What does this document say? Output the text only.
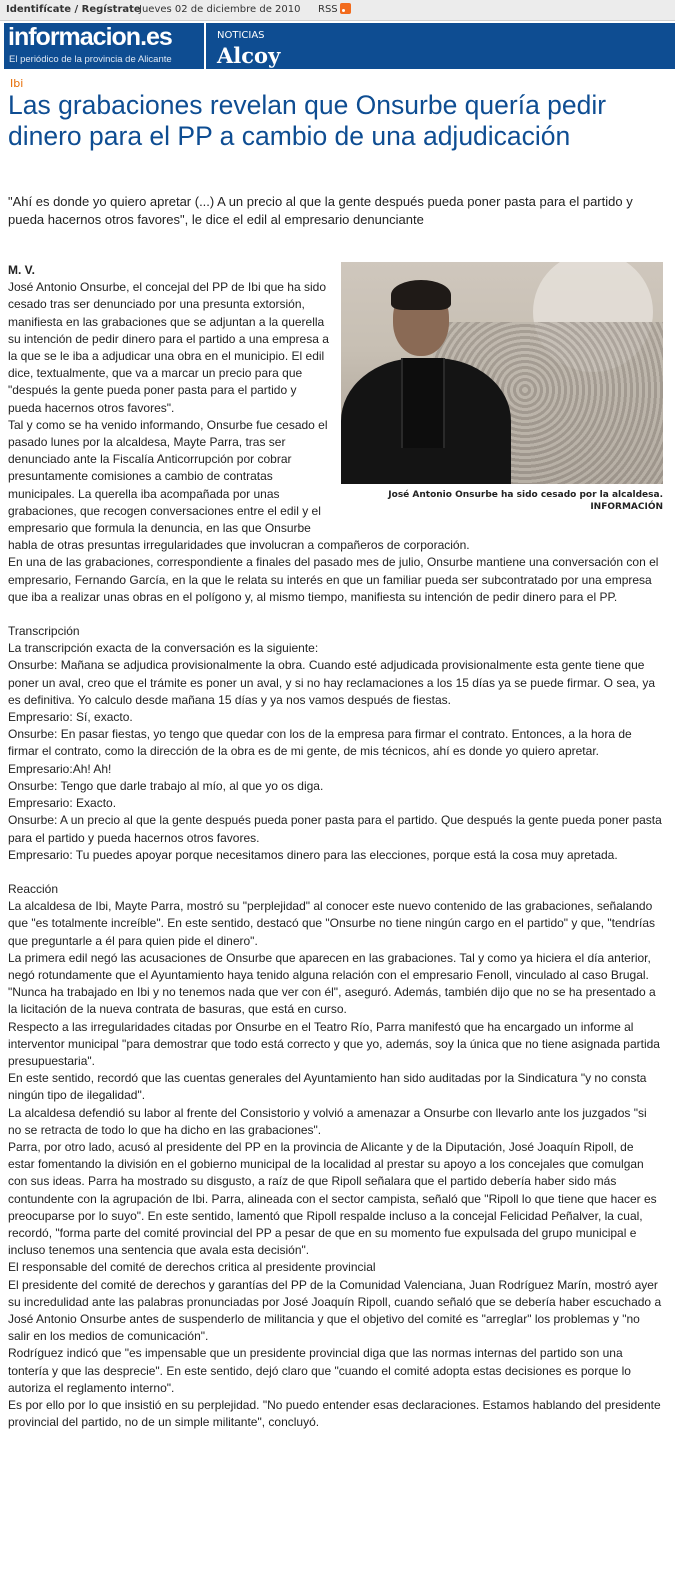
Identifícate / Regístrate
Jueves 02 de diciembre de 2010 RSS
informacion.es
El periódico de la provincia de Alicante
NOTICIAS
Alcoy
Ibi
Las grabaciones revelan que Onsurbe quería pedir dinero para el PP a cambio de una adjudicación
"Ahí es donde yo quiero apretar (...) A un precio al que la gente después pueda poner pasta para el partido y pueda hacernos otros favores", le dice el edil al empresario denunciante
José Antonio Onsurbe ha sido cesado por la alcaldesa.
INFORMACIÓN

M. V.

José Antonio Onsurbe, el concejal del PP de Ibi que ha sido cesado tras ser denunciado por una presunta extorsión, manifiesta en las grabaciones que se adjuntan a la querella su intención de pedir dinero para el partido a una empresa a la que se le iba a adjudicar una obra en el municipio. El edil dice, textualmente, que va a marcar un precio para que "después la gente pueda poner pasta para el partido y pueda hacernos otros favores".

Tal y como se ha venido informando, Onsurbe fue cesado el pasado lunes por la alcaldesa, Mayte Parra, tras ser denunciado ante la Fiscalía Anticorrupción por cobrar presuntamente comisiones a cambio de contratas municipales. La querella iba acompañada por unas grabaciones, que recogen conversaciones entre el edil y el empresario que formula la denuncia, en las que Onsurbe habla de otras presuntas irregularidades que involucran a compañeros de corporación.

En una de las grabaciones, correspondiente a finales del pasado mes de julio, Onsurbe mantiene una conversación con el empresario, Fernando García, en la que le relata su interés en que un familiar pueda ser subcontratado por una empresa que iba a realizar unas obras en el polígono y, al mismo tiempo, manifiesta su intención de pedir dinero para el PP.

Transcripción

La transcripción exacta de la conversación es la siguiente:

Onsurbe: Mañana se adjudica provisionalmente la obra. Cuando esté adjudicada provisionalmente esta gente tiene que poner un aval, creo que el trámite es poner un aval, y si no hay reclamaciones a los 15 días ya se puede firmar. O sea, ya es definitiva. Yo calculo desde mañana 15 días y ya nos vamos después de fiestas.

Empresario: Sí, exacto.

Onsurbe: En pasar fiestas, yo tengo que quedar con los de la empresa para firmar el contrato. Entonces, a la hora de firmar el contrato, como la dirección de la obra es de mi gente, de mis técnicos, ahí es donde yo quiero apretar.

Empresario:Ah! Ah!

Onsurbe: Tengo que darle trabajo al mío, al que yo os diga.

Empresario: Exacto.

Onsurbe: A un precio al que la gente después pueda poner pasta para el partido. Que después la gente pueda poner pasta para el partido y pueda hacernos otros favores.

Empresario: Tu puedes apoyar porque necesitamos dinero para las elecciones, porque está la cosa muy apretada.

Reacción

La alcaldesa de Ibi, Mayte Parra, mostró su "perplejidad" al conocer este nuevo contenido de las grabaciones, señalando que "es totalmente increíble". En este sentido, destacó que "Onsurbe no tiene ningún cargo en el partido" y que, "tendrías que preguntarle a él para quien pide el dinero".

La primera edil negó las acusaciones de Onsurbe que aparecen en las grabaciones. Tal y como ya hiciera el día anterior, negó rotundamente que el Ayuntamiento haya tenido alguna relación con el empresario Fenoll, vinculado al caso Brugal. "Nunca ha trabajado en Ibi y no tenemos nada que ver con él", aseguró. Además, también dijo que no se ha presentado a la licitación de la nueva contrata de basuras, que está en curso.

Respecto a las irregularidades citadas por Onsurbe en el Teatro Río, Parra manifestó que ha encargado un informe al interventor municipal "para demostrar que todo está correcto y que yo, además, soy la única que no tiene asignada partida presupuestaria".

En este sentido, recordó que las cuentas generales del Ayuntamiento han sido auditadas por la Sindicatura "y no consta ningún tipo de ilegalidad".

La alcaldesa defendió su labor al frente del Consistorio y volvió a amenazar a Onsurbe con llevarlo ante los juzgados "si no se retracta de todo lo que ha dicho en las grabaciones".

Parra, por otro lado, acusó al presidente del PP en la provincia de Alicante y de la Diputación, José Joaquín Ripoll, de estar fomentando la división en el gobierno municipal de la localidad al prestar su apoyo a los concejales que comulgan con sus ideas. Parra ha mostrado su disgusto, a raíz de que Ripoll señalara que el partido debería haber sido más contundente con la agrupación de Ibi. Parra, alineada con el sector campista, señaló que "Ripoll lo que tiene que hacer es preocuparse por lo suyo". En este sentido, lamentó que Ripoll respalde incluso a la concejal Felicidad Peñalver, la cual, recordó, "forma parte del comité provincial del PP a pesar de que en su momento fue expulsada del grupo municipal e incluso tenemos una sentencia que avala esta decisión".

El responsable del comité de derechos critica al presidente provincial

El presidente del comité de derechos y garantías del PP de la Comunidad Valenciana, Juan Rodríguez Marín, mostró ayer su incredulidad ante las palabras pronunciadas por José Joaquín Ripoll, cuando señaló que se debería haber escuchado a José Antonio Onsurbe antes de suspenderlo de militancia y que el objetivo del comité es "arreglar" los problemas y "no salir en los medios de comunicación".

Rodríguez indicó que "es impensable que un presidente provincial diga que las normas internas del partido son una tontería y que las desprecie". En este sentido, dejó claro que "cuando el comité adopta estas decisiones es porque lo autoriza el reglamento interno".

Es por ello por lo que insistió en su perplejidad. "No puedo entender esas declaraciones. Estamos hablando del presidente provincial del partido, no de un simple militante", concluyó.
